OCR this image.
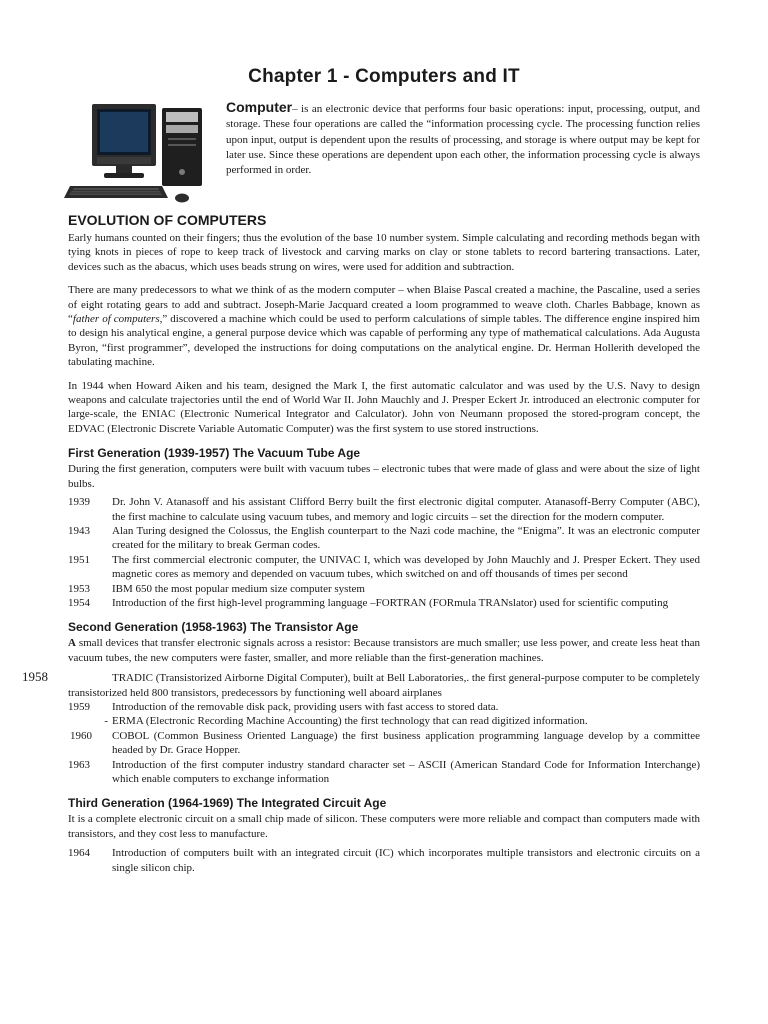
Chapter 1 - Computers and IT

Computer– is an electronic device that performs four basic operations: input, processing, output, and storage. These four operations are called the “information processing cycle. The processing function relies upon input, output is dependent upon the results of processing, and storage is where output may be kept for later use. Since these operations are dependent upon each other, the information processing cycle is always performed in order.

EVOLUTION OF COMPUTERS

Early humans counted on their fingers; thus the evolution of the base 10 number system. Simple calculating and recording methods began with tying knots in pieces of rope to keep track of livestock and carving marks on clay or stone tablets to record bartering transactions. Later, devices such as the abacus, which uses beads strung on wires, were used for addition and subtraction.

There are many predecessors to what we think of as the modern computer – when Blaise Pascal created a machine, the Pascaline, used a series of eight rotating gears to add and subtract. Joseph-Marie Jacquard created a loom programmed to weave cloth. Charles Babbage, known as “father of computers,” discovered a machine which could be used to perform calculations of simple tables. The difference engine inspired him to design his analytical engine, a general purpose device which was capable of performing any type of mathematical calculations. Ada Augusta Byron, “first programmer”, developed the instructions for doing computations on the analytical engine. Dr. Herman Hollerith developed the tabulating machine.

In 1944 when Howard Aiken and his team, designed the Mark I, the first automatic calculator and was used by the U.S. Navy to design weapons and calculate trajectories until the end of World War II. John Mauchly and J. Presper Eckert Jr. introduced an electronic computer for large-scale, the ENIAC (Electronic Numerical Integrator and Calculator). John von Neumann proposed the stored-program concept, the EDVAC (Electronic Discrete Variable Automatic Computer) was the first system to use stored instructions.

First Generation (1939-1957) The Vacuum Tube Age

During the first generation, computers were built with vacuum tubes – electronic tubes that were made of glass and were about the size of light bulbs.

1939	Dr. John V. Atanasoff and his assistant Clifford Berry built the first electronic digital computer. Atanasoff-Berry Computer (ABC), the first machine to calculate using vacuum tubes, and memory and logic circuits – set the direction for the modern computer.
1943	Alan Turing designed the Colossus, the English counterpart to the Nazi code machine, the “Enigma”. It was an electronic computer created for the military to break German codes.
1951	The first commercial electronic computer, the UNIVAC I, which was developed by John Mauchly and J. Presper Eckert. They used magnetic cores as memory and depended on vacuum tubes, which switched on and off thousands of times per second
1953	IBM 650 the most popular medium size computer system
1954	Introduction of the first high-level programming language –FORTRAN (FORmula TRANslator) used for scientific computing
Second Generation (1958-1963) The Transistor Age

A small devices that transfer electronic signals across a resistor: Because transistors are much smaller; use less power, and create less heat than vacuum tubes, the new computers were faster, smaller, and more reliable than the first-generation machines.

1958	TRADIC (Transistorized Airborne Digital Computer), built at Bell Laboratories,. the first general-purpose computer to be completely transistorized held 800 transistors, predecessors by functioning well aboard airplanes

1959	Introduction of the removable disk pack, providing users with fast access to stored data.
- ERMA (Electronic Recording Machine Accounting) the first technology that can read digitized information.
1960	COBOL (Common Business Oriented Language) the first business application programming language develop by a committee headed by Dr. Grace Hopper.
1963	Introduction of the first computer industry standard character set – ASCII (American Standard Code for Information Interchange) which enable computers to exchange information
Third Generation (1964-1969) The Integrated Circuit Age

It is a complete electronic circuit on a small chip made of silicon. These computers were more reliable and compact than computers made with transistors, and they cost less to manufacture.

1964	Introduction of computers built with an integrated circuit (IC) which incorporates multiple transistors and electronic circuits on a single silicon chip.
